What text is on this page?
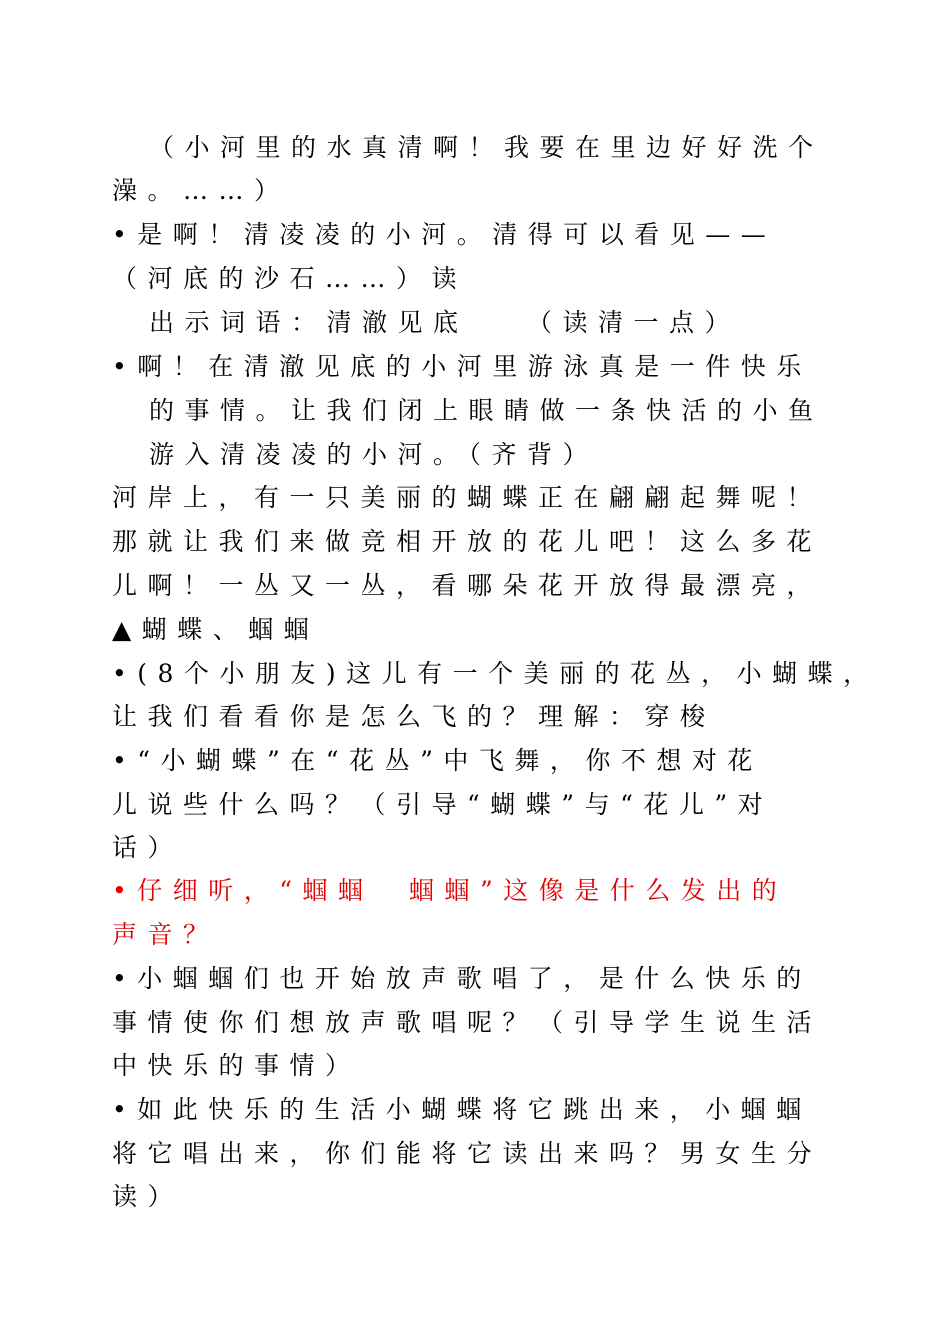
（小河里的水真清啊！我要在里边好好洗个
澡。……）
•是啊！清凌凌的小河。清得可以看见——
（河底的沙石……）读
出示词语：清澈见底　　（读清一点）
•啊！在清澈见底的小河里游泳真是一件快乐
的事情。让我们闭上眼睛做一条快活的小鱼
游入清凌凌的小河。（齐背）
河岸上，有一只美丽的蝴蝶正在翩翩起舞呢！
那就让我们来做竞相开放的花儿吧！这么多花
儿啊！一丛又一丛，看哪朵花开放得最漂亮，
▲蝴蝶、蝈蝈
•(8个小朋友)这儿有一个美丽的花丛，小蝴蝶，
让我们看看你是怎么飞的？理解：穿梭
•“小蝴蝶”在“花丛”中飞舞，你不想对花
儿说些什么吗？（引导“蝴蝶”与“花儿”对
话）
•仔细听，“蝈蝈　蝈蝈”这像是什么发出的
声音？
•小蝈蝈们也开始放声歌唱了，是什么快乐的
事情使你们想放声歌唱呢？（引导学生说生活
中快乐的事情）
•如此快乐的生活小蝴蝶将它跳出来，小蝈蝈
将它唱出来，你们能将它读出来吗？男女生分
读）
